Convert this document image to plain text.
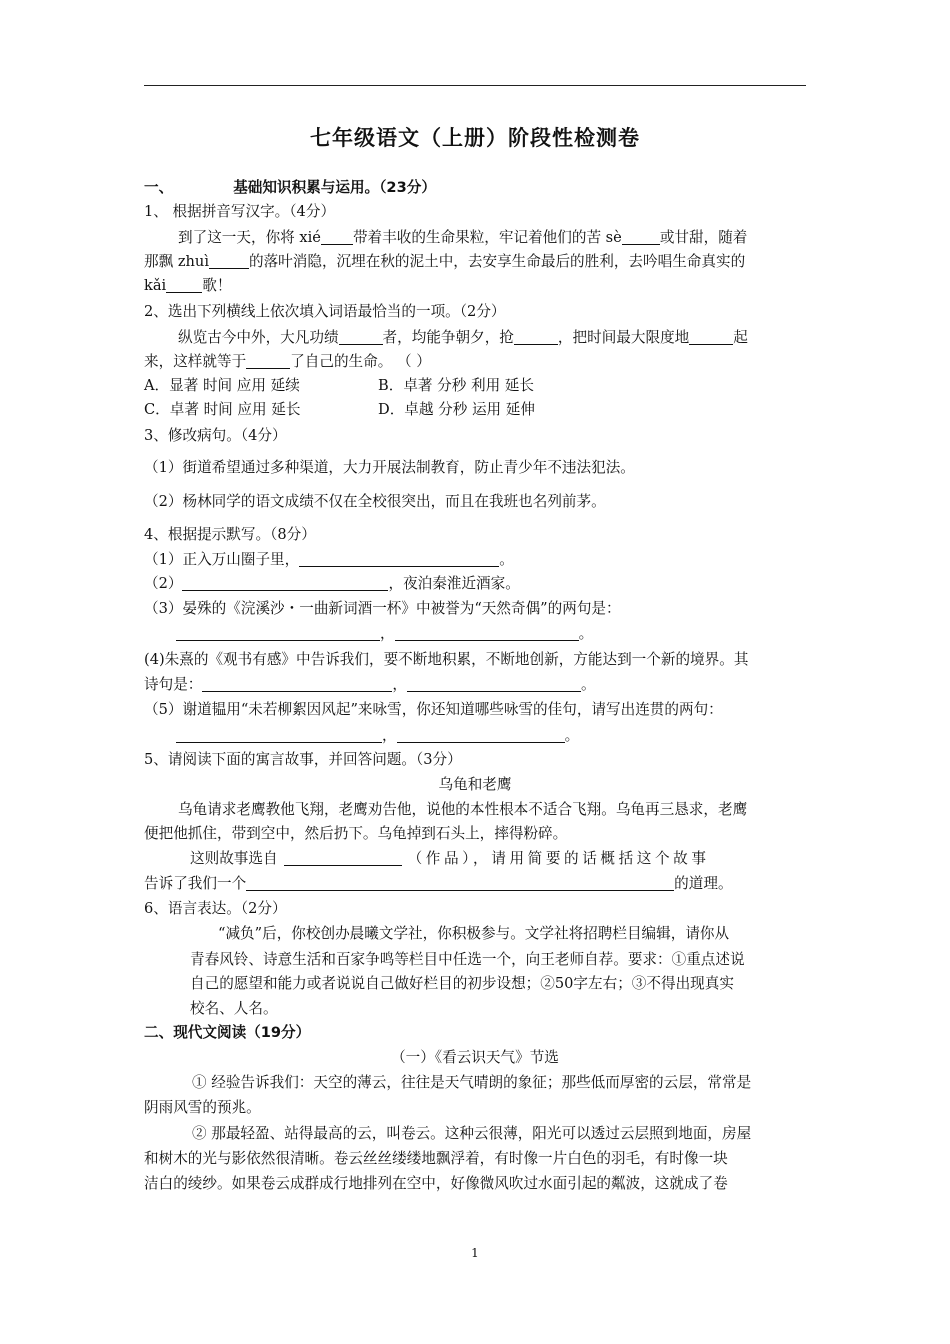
七年级语文（上册）阶段性检测卷
一、	基础知识积累与运用。（23分）
1、 根据拼音写汉字。（4分）
到了这一天，你将 xié 带着丰收的生命果粒，牢记着他们的苦 sè	或甘甜，随着
那飘 zhuì	的落叶消隐，沉埋在秋的泥土中，去安享生命最后的胜利，去吟唱生命真实的
kǎi 歌！
2、选出下列横线上依次填入词语最恰当的一项。（2分）
纵览古今中外，大凡功绩	者，均能争朝夕，抢	，把时间最大限度地	起
来，这样就等于	了自己的生命。 （ ）
A．显著 时间 应用 延续	B．卓著 分秒 利用 延长
C．卓著 时间 应用 延长	D．卓越 分秒 运用 延伸
3、修改病句。（4分）
（1）街道希望通过多种渠道，大力开展法制教育，防止青少年不违法犯法。
（2）杨林同学的语文成绩不仅在全校很突出，而且在我班也名列前茅。
4、根据提示默写。（8分）
（1）正入万山圈子里，	。
（2）	，夜泊秦淮近酒家。
（3）晏殊的《浣溪沙・一曲新词酒一杯》中被誉为“天然奇偶”的两句是：
，	。
(4)朱熹的《观书有感》中告诉我们，要不断地积累，不断地创新，方能达到一个新的境界。其
诗句是：	，	。
（5）谢道韫用“未若柳絮因风起”来咏雪，你还知道哪些咏雪的佳句，请写出连贯的两句：
，	。
5、请阅读下面的寓言故事，并回答问题。（3分）
乌龟和老鹰
乌龟请求老鹰教他飞翔，老鹰劝告他，说他的本性根本不适合飞翔。乌龟再三恳求，老鹰
便把他抓住，带到空中，然后扔下。乌龟掉到石头上，摔得粉碎。
这则故事选自	（作品），请用简要的话概括这个故事
告诉了我们一个	的道理。
6、语言表达。（2分）
“减负”后，你校创办晨曦文学社，你积极参与。文学社将招聘栏目编辑，请你从
青春风铃、诗意生活和百家争鸣等栏目中任选一个，向王老师自荐。要求：①重点述说
自己的愿望和能力或者说说自己做好栏目的初步设想；②50字左右；③不得出现真实
校名、人名。
二、现代文阅读（19分）
（一）《看云识天气》节选
① 经验告诉我们：天空的薄云，往往是天气晴朗的象征；那些低而厚密的云层，常常是
阴雨风雪的预兆。
② 那最轻盈、站得最高的云，叫卷云。这种云很薄，阳光可以透过云层照到地面，房屋
和树木的光与影依然很清晰。卷云丝丝缕缕地飘浮着，有时像一片白色的羽毛，有时像一块
洁白的绫纱。如果卷云成群成行地排列在空中，好像微风吹过水面引起的粼波，这就成了卷
1
